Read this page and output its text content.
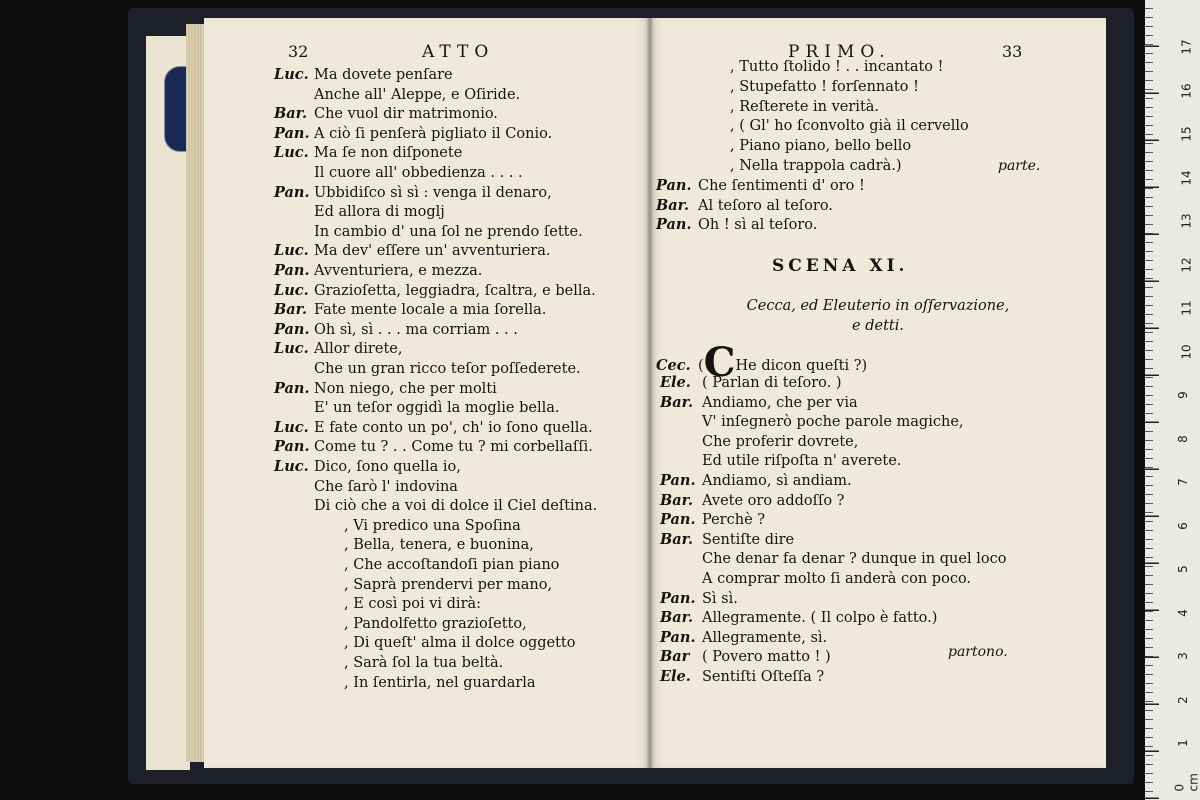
32	ATTO
Luc. Ma dovete penſare
Anche all' Aleppe, e Oſiride.
Bar. Che vuol dir matrimonio.
Pan. A ciò ſi penſerà pigliato il Conio.
Luc. Ma ſe non diſponete
Il cuore all' obbedienza . . . .
Pan. Ubbidiſco sì sì : venga il denaro,
Ed allora di moglj
In cambio d' una ſol ne prendo ſette.
Luc. Ma dev' eſſere un' avventuriera.
Pan. Avventuriera, e mezza.
Luc. Grazioſetta, leggiadra, ſcaltra, e bella.
Bar. Fate mente locale a mia ſorella.
Pan. Oh sì, sì . . . ma corriam . . .
Luc. Allor direte,
Che un gran ricco teſor poſſederete.
Pan. Non niego, che per molti
E' un teſor oggidì la moglie bella.
Luc. E fate conto un po', ch' io ſono quella.
Pan. Come tu ? . . Come tu ? mi corbellaſſi.
Luc. Dico, ſono quella io,
Che ſarò l' indovina
Di ciò che a voi di dolce il Ciel deſtina.
, Vi predico una Spoſina
, Bella, tenera, e buonina,
, Che accoſtandoſi pian piano
, Saprà prendervi per mano,
, E così poi vi dirà:
, Pandolfetto grazioſetto,
, Di queſt' alma il dolce oggetto
, Sarà ſol la tua beltà.
, In ſentirla, nel guardarla
PRIMO.	33
parte.
SCENA XI.
Cecca, ed Eleuterio in oſſervazione,
e detti.
Cec. (CHe dicon queſti ?)
partono.
, Tutto ſtolido ! . . incantato !
, Stupefatto ! forſennato !
, Reſterete in verità.
, ( Gl' ho ſconvolto già il cervello
, Piano piano, bello bello
, Nella trappola cadrà.)
Pan. Che ſentimenti d' oro !
Bar. Al teſoro al teſoro.
Pan. Oh ! sì al teſoro.
Ele. ( Parlan di teſoro. )
Bar. Andiamo, che per via
V' inſegnerò poche parole magiche,
Che proferir dovrete,
Ed utile riſpoſta n' averete.
Pan. Andiamo, sì andiam.
Bar. Avete oro addoſſo ?
Pan. Perchè ?
Bar. Sentiſte dire
Che denar fa denar ? dunque in quel loco
A comprar molto ſi anderà con poco.
Pan. Sì sì.
Bar. Allegramente. ( Il colpo è fatto.)
Pan. Allegramente, sì.
Bar ( Povero matto ! )
Ele. Sentiſti Oſteſſa ?
0 cm
1
2
3
4
5
6
7
8
9
10
11
12
13
14
15
16
17
